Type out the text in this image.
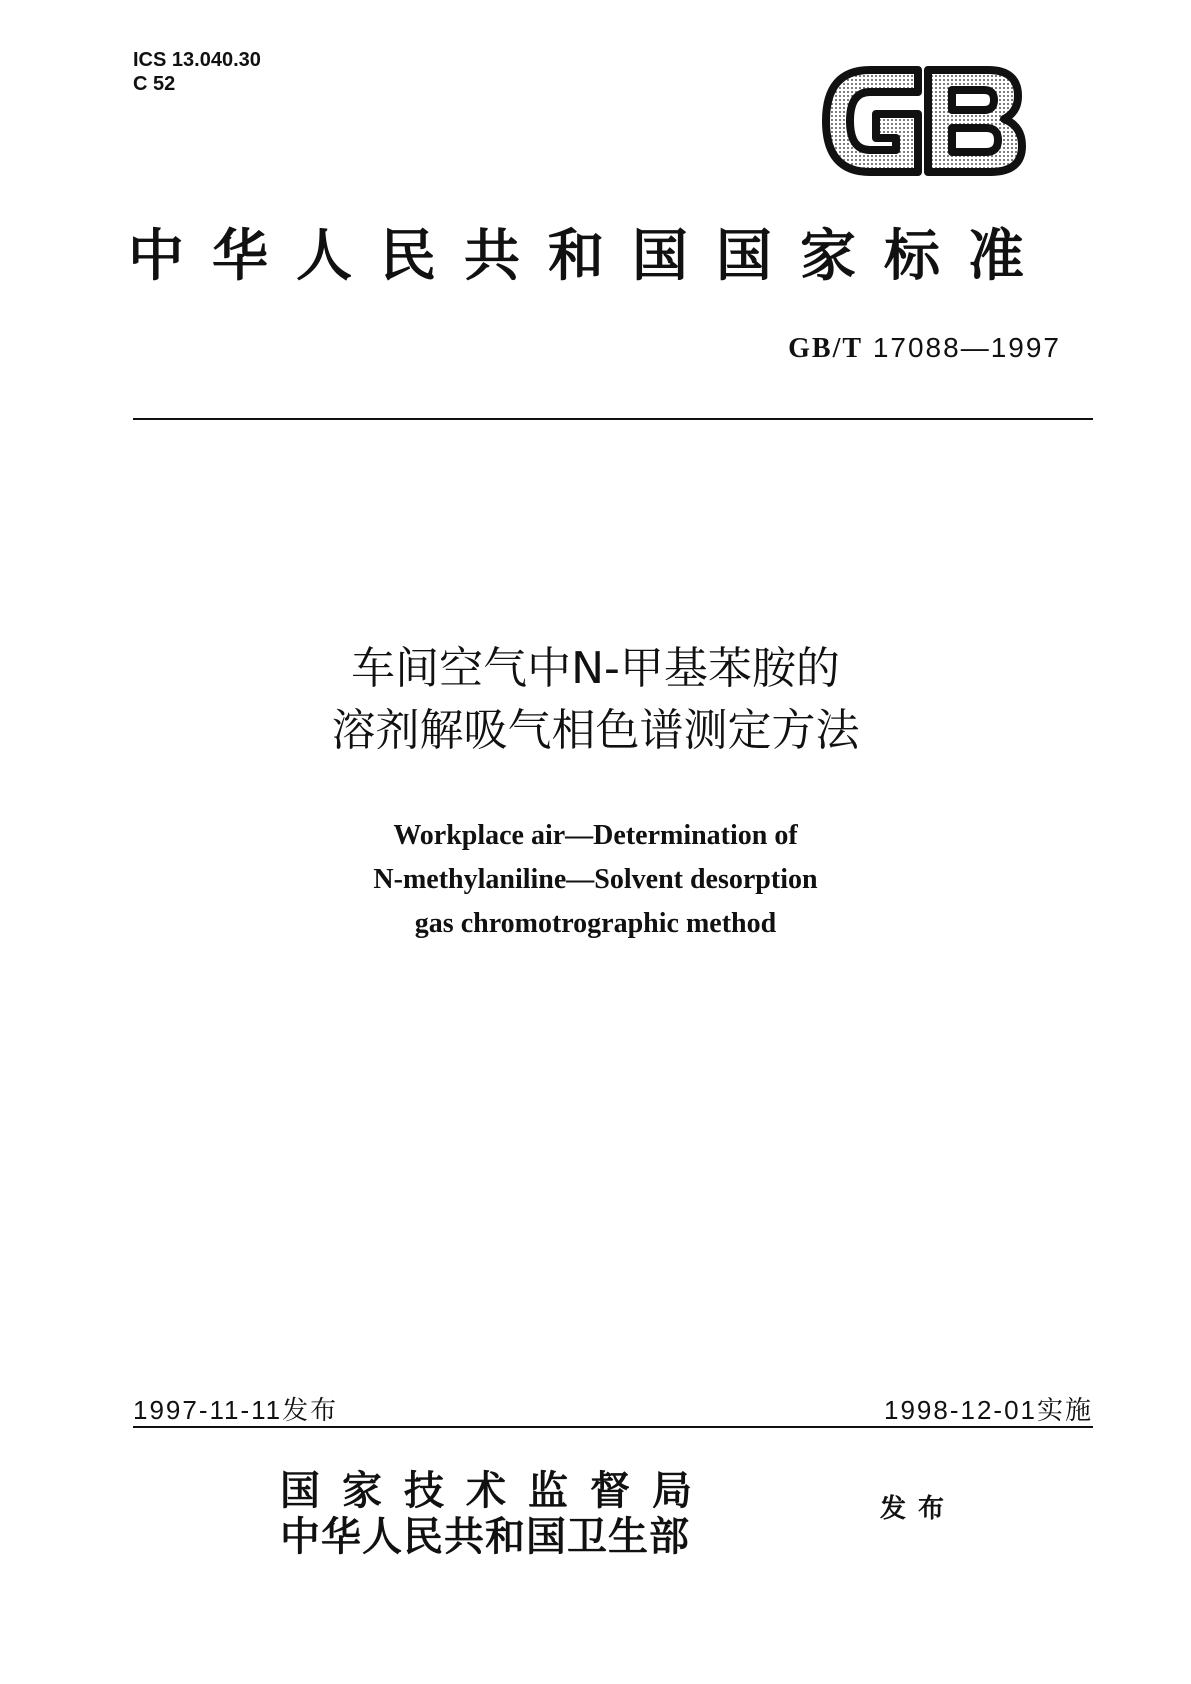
ICS 13.040.30
C 52
GB
中华人民共和国国家标准
GB/T 17088—1997
车间空气中N-甲基苯胺的
溶剂解吸气相色谱测定方法
Workplace air—Determination of
N-methylaniline—Solvent desorption
gas chromotrographic method
1997-11-11发布	1998-12-01实施
国家技术监督局
中华人民共和国卫生部
发布
